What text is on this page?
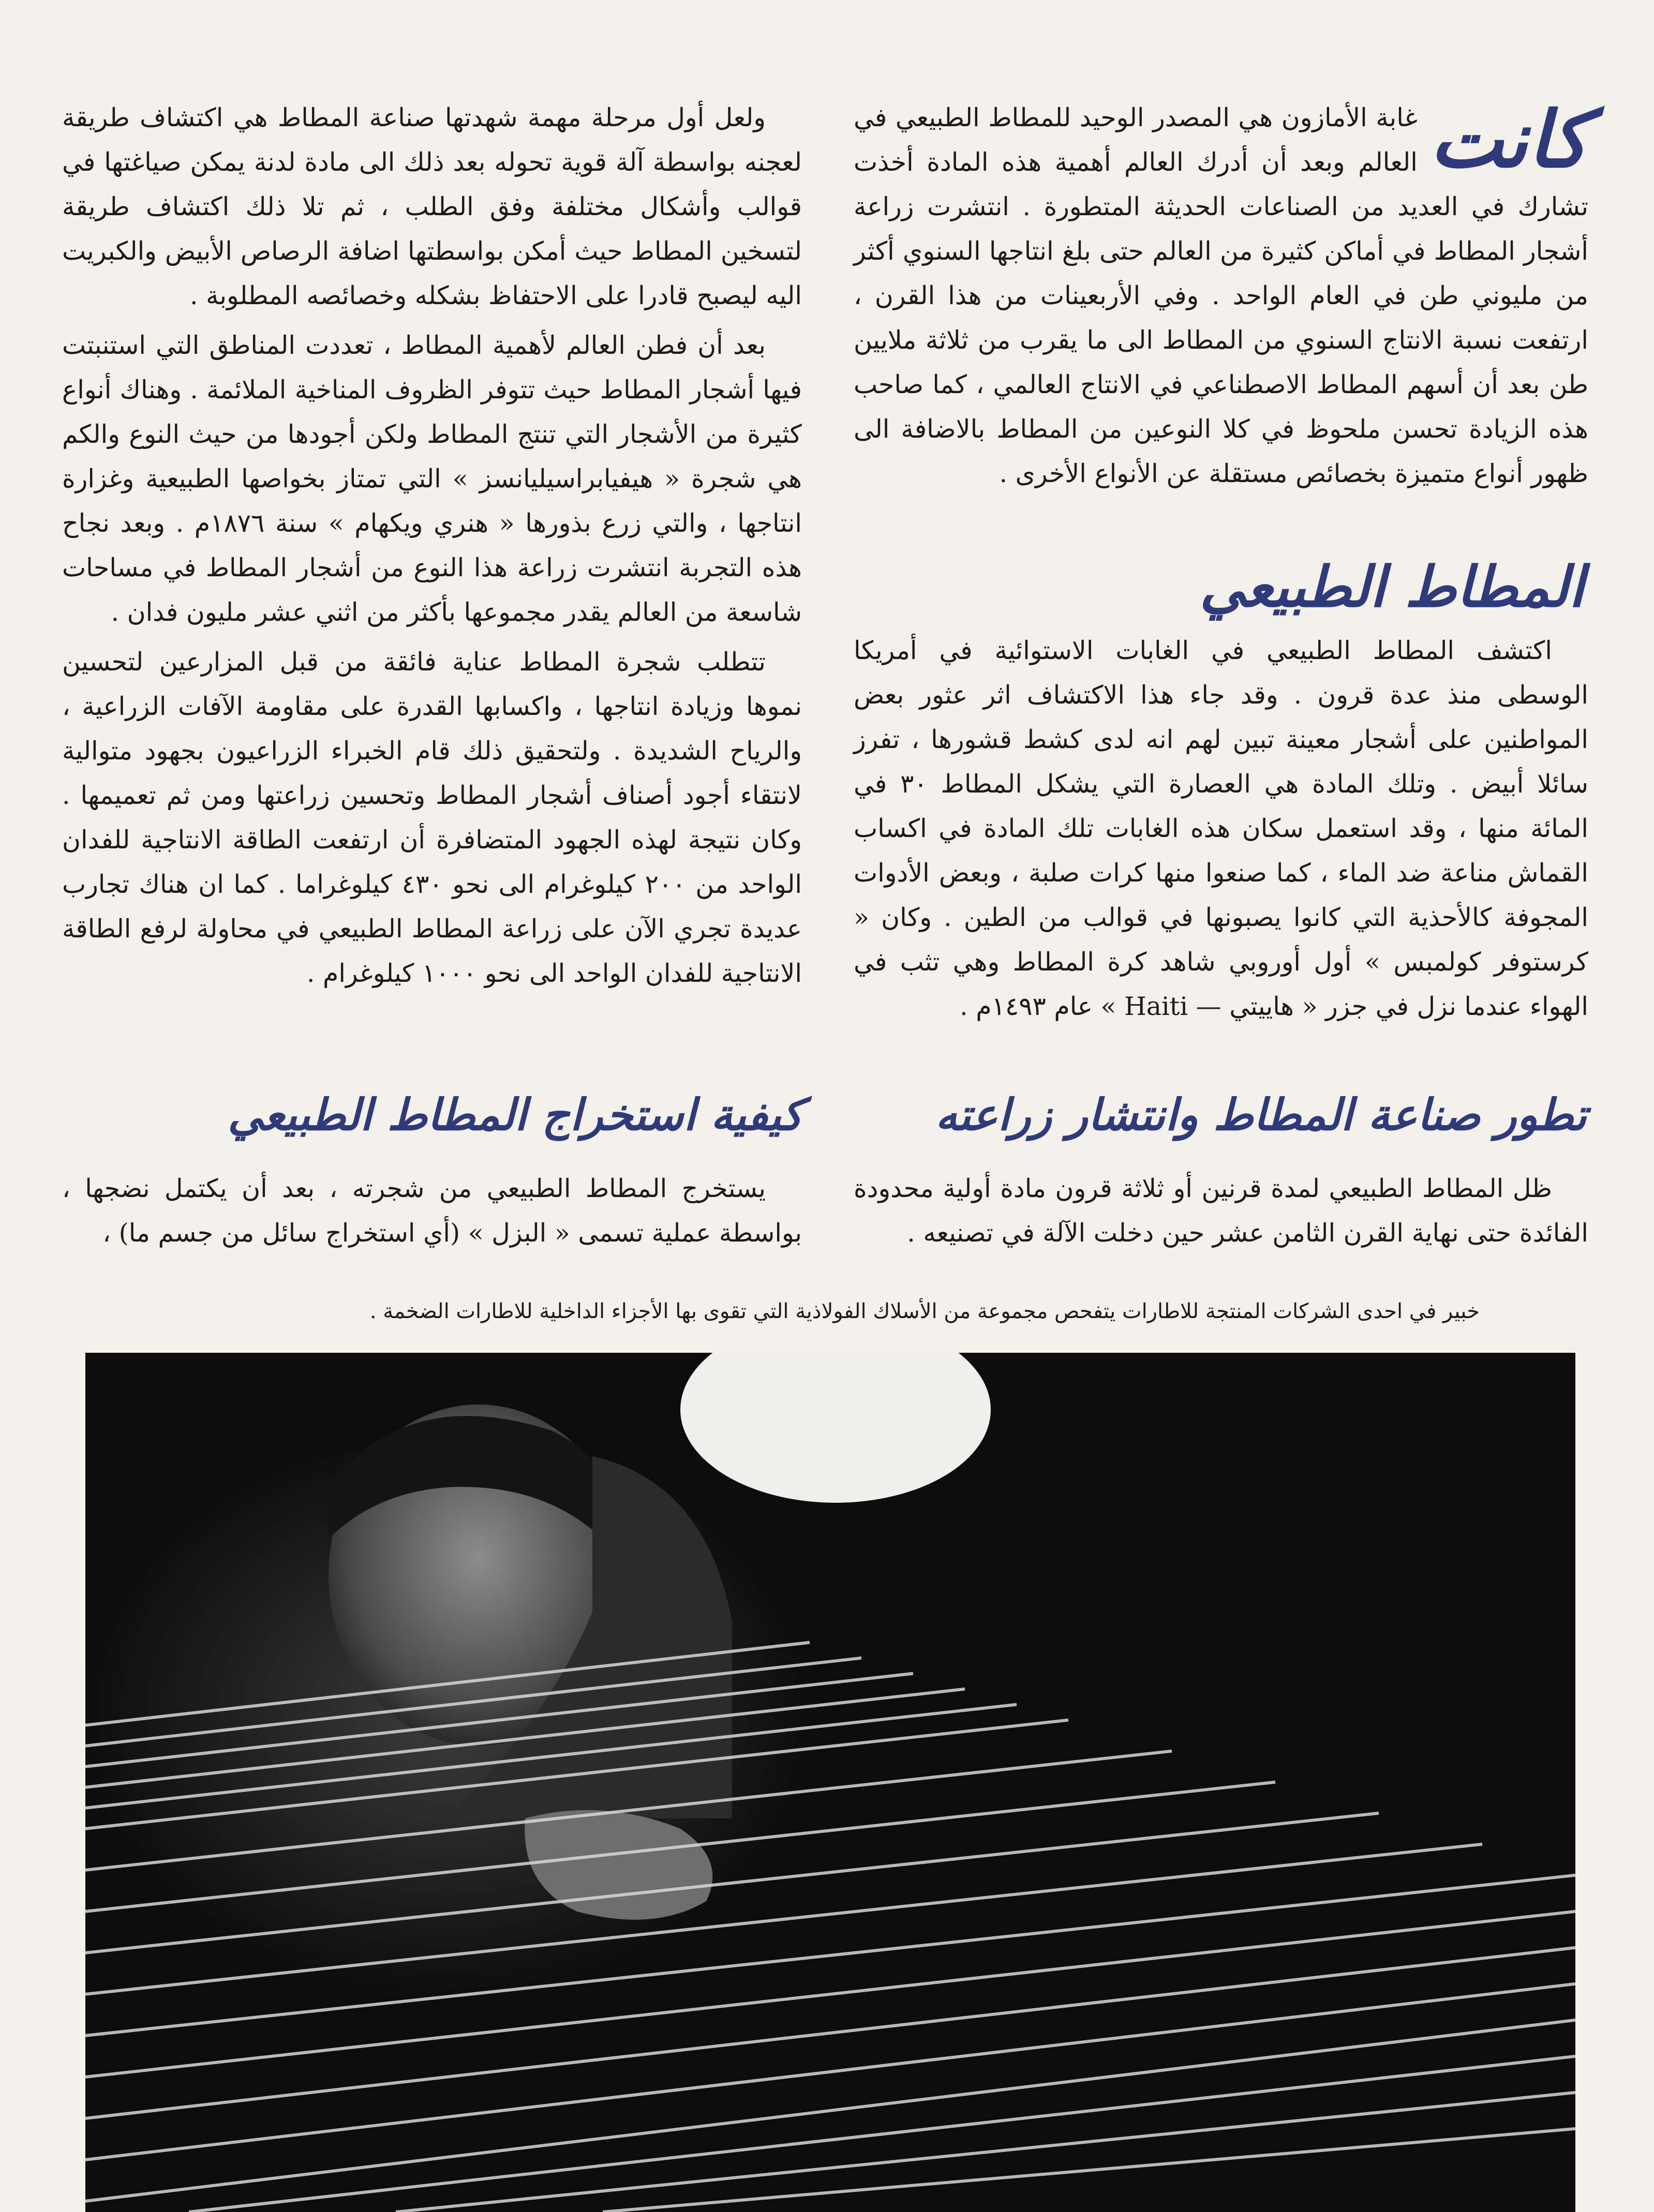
كانت

غابة الأمازون هي المصدر الوحيد للمطاط الطبيعي في العالم وبعد أن أدرك العالم أهمية هذه المادة أخذت تشارك في العديد من الصناعات الحديثة المتطورة . انتشرت زراعة أشجار المطاط في أماكن كثيرة من العالم حتى بلغ انتاجها السنوي أكثر من مليوني طن في العام الواحد . وفي الأربعينات من هذا القرن ، ارتفعت نسبة الانتاج السنوي من المطاط الى ما يقرب من ثلاثة ملايين طن بعد أن أسهم المطاط الاصطناعي في الانتاج العالمي ، كما صاحب هذه الزيادة تحسن ملحوظ في كلا النوعين من المطاط بالاضافة الى ظهور أنواع متميزة بخصائص مستقلة عن الأنواع الأخرى .

المطاط الطبيعي

اكتشف المطاط الطبيعي في الغابات الاستوائية في أمريكا الوسطى منذ عدة قرون . وقد جاء هذا الاكتشاف اثر عثور بعض المواطنين على أشجار معينة تبين لهم انه لدى كشط قشورها ، تفرز سائلا أبيض . وتلك المادة هي العصارة التي يشكل المطاط ٣٠ في المائة منها ، وقد استعمل سكان هذه الغابات تلك المادة في اكساب القماش مناعة ضد الماء ، كما صنعوا منها كرات صلبة ، وبعض الأدوات المجوفة كالأحذية التي كانوا يصبونها في قوالب من الطين . وكان « كرستوفر كولمبس » أول أوروبي شاهد كرة المطاط وهي تثب في الهواء عندما نزل في جزر « هاييتي — Haiti » عام ١٤٩٣م .

تطور صناعة المطاط وانتشار زراعته

ظل المطاط الطبيعي لمدة قرنين أو ثلاثة قرون مادة أولية محدودة الفائدة حتى نهاية القرن الثامن عشر حين دخلت الآلة في تصنيعه .

ولعل أول مرحلة مهمة شهدتها صناعة المطاط هي اكتشاف طريقة لعجنه بواسطة آلة قوية تحوله بعد ذلك الى مادة لدنة يمكن صياغتها في قوالب وأشكال مختلفة وفق الطلب ، ثم تلا ذلك اكتشاف طريقة لتسخين المطاط حيث أمكن بواسطتها اضافة الرصاص الأبيض والكبريت اليه ليصبح قادرا على الاحتفاظ بشكله وخصائصه المطلوبة .

بعد أن فطن العالم لأهمية المطاط ، تعددت المناطق التي استنبتت فيها أشجار المطاط حيث تتوفر الظروف المناخية الملائمة . وهناك أنواع كثيرة من الأشجار التي تنتج المطاط ولكن أجودها من حيث النوع والكم هي شجرة « هيفيابراسيليانسز » التي تمتاز بخواصها الطبيعية وغزارة انتاجها ، والتي زرع بذورها « هنري ويكهام » سنة ١٨٧٦م . وبعد نجاح هذه التجربة انتشرت زراعة هذا النوع من أشجار المطاط في مساحات شاسعة من العالم يقدر مجموعها بأكثر من اثني عشر مليون فدان .

تتطلب شجرة المطاط عناية فائقة من قبل المزارعين لتحسين نموها وزيادة انتاجها ، واكسابها القدرة على مقاومة الآفات الزراعية ، والرياح الشديدة . ولتحقيق ذلك قام الخبراء الزراعيون بجهود متوالية لانتقاء أجود أصناف أشجار المطاط وتحسين زراعتها ومن ثم تعميمها . وكان نتيجة لهذه الجهود المتضافرة أن ارتفعت الطاقة الانتاجية للفدان الواحد من ٢٠٠ كيلوغرام الى نحو ٤٣٠ كيلوغراما . كما ان هناك تجارب عديدة تجري الآن على زراعة المطاط الطبيعي في محاولة لرفع الطاقة الانتاجية للفدان الواحد الى نحو ١٠٠٠ كيلوغرام .

كيفية استخراج المطاط الطبيعي

يستخرج المطاط الطبيعي من شجرته ، بعد أن يكتمل نضجها ، بواسطة عملية تسمى « البزل » (أي استخراج سائل من جسم ما) ،

خبير في احدى الشركات المنتجة للاطارات يتفحص مجموعة من الأسلاك الفولاذية التي تقوى بها الأجزاء الداخلية للاطارات الضخمة .
